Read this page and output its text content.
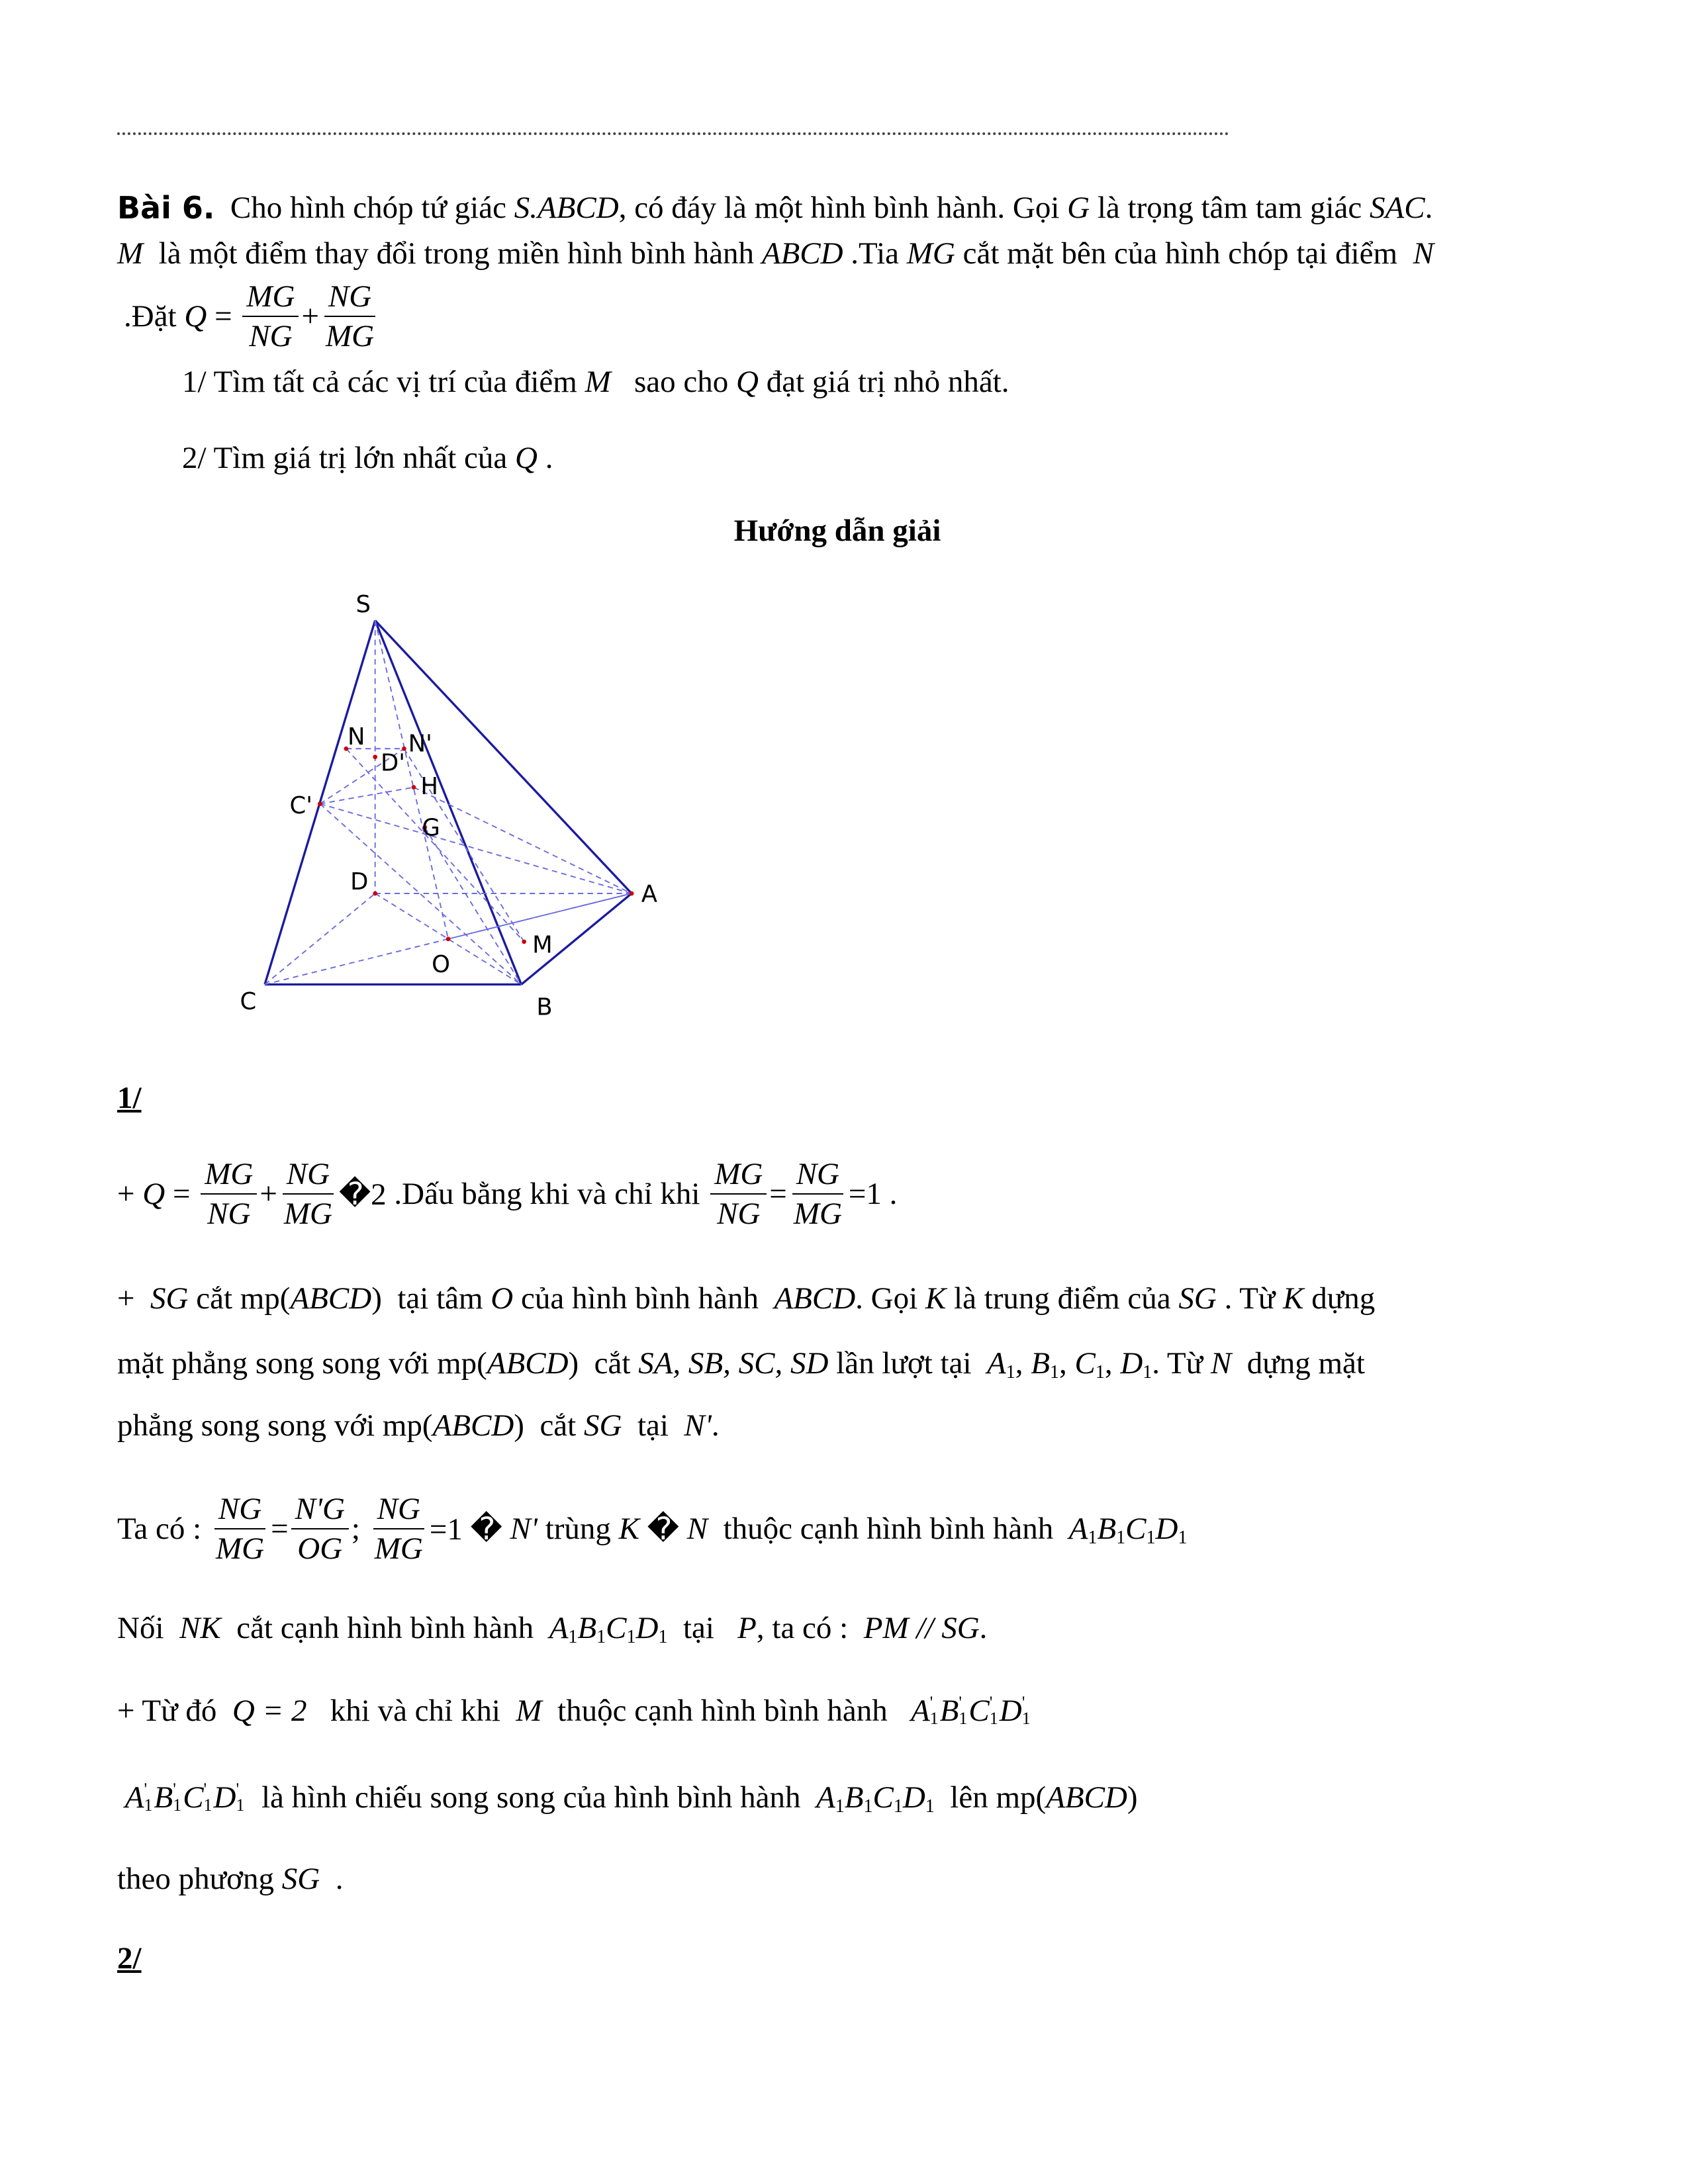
Bài 6. Cho hình chóp tứ giác S.ABCD , có đáy là một hình bình hành. Gọi G là trọng tâm tam giác SAC .
M là một điểm thay đổi trong miền hình bình hành ABCD .Tia MG cắt mặt bên của hình chóp tại điểm N
.Đặt $Q = \frac{MG}{NG} + \frac{NG}{MG}$
1/ Tìm tất cả các vị trí của điểm M sao cho Q đạt giá trị nhỏ nhất.
2/ Tìm giá trị lớn nhất của Q .
Hướng dẫn giải
S
A
B
C
D
O
M
G
H
N	N'
D'
C'
1/
+ $Q = \frac{MG}{NG} + \frac{NG}{MG}$ �2 .Dấu bằng khi và chỉ khi $\frac{MG}{NG} = \frac{NG}{MG} =1$ .
+ SG cắt mp( ABCD )  tại tâm O của hình bình hành ABCD . Gọi K là trung điểm của SG . Từ K dựng
mặt phẳng song song với mp( ABCD )  cắt SA, SB, SC, SD lần lượt tại A 1 , B 1 , C 1 , D 1 . Từ N dựng mặt
phẳng song song với mp( ABCD )  cắt SG tại N' .
Ta có : $\frac{NG}{MG} = \frac{N'G}{OG}$ ; $\frac{NG}{MG} =1$ � N' trùng K � N thuộc cạnh hình bình hành A 1 B 1 C 1 D 1
Nối NK cắt cạnh hình bình hành A 1 B 1 C 1 D 1 tại P , ta có : PM // SG .
+ Từ đó Q = 2 khi và chỉ khi M thuộc cạnh hình bình hành A '
1 B '
1 C '
1 D '
1

A '
1 B '
1 C '
1 D '
1 là hình chiếu song song của hình bình hành A 1 B 1 C 1 D 1 lên mp( ABCD )
theo phương SG .
2/
